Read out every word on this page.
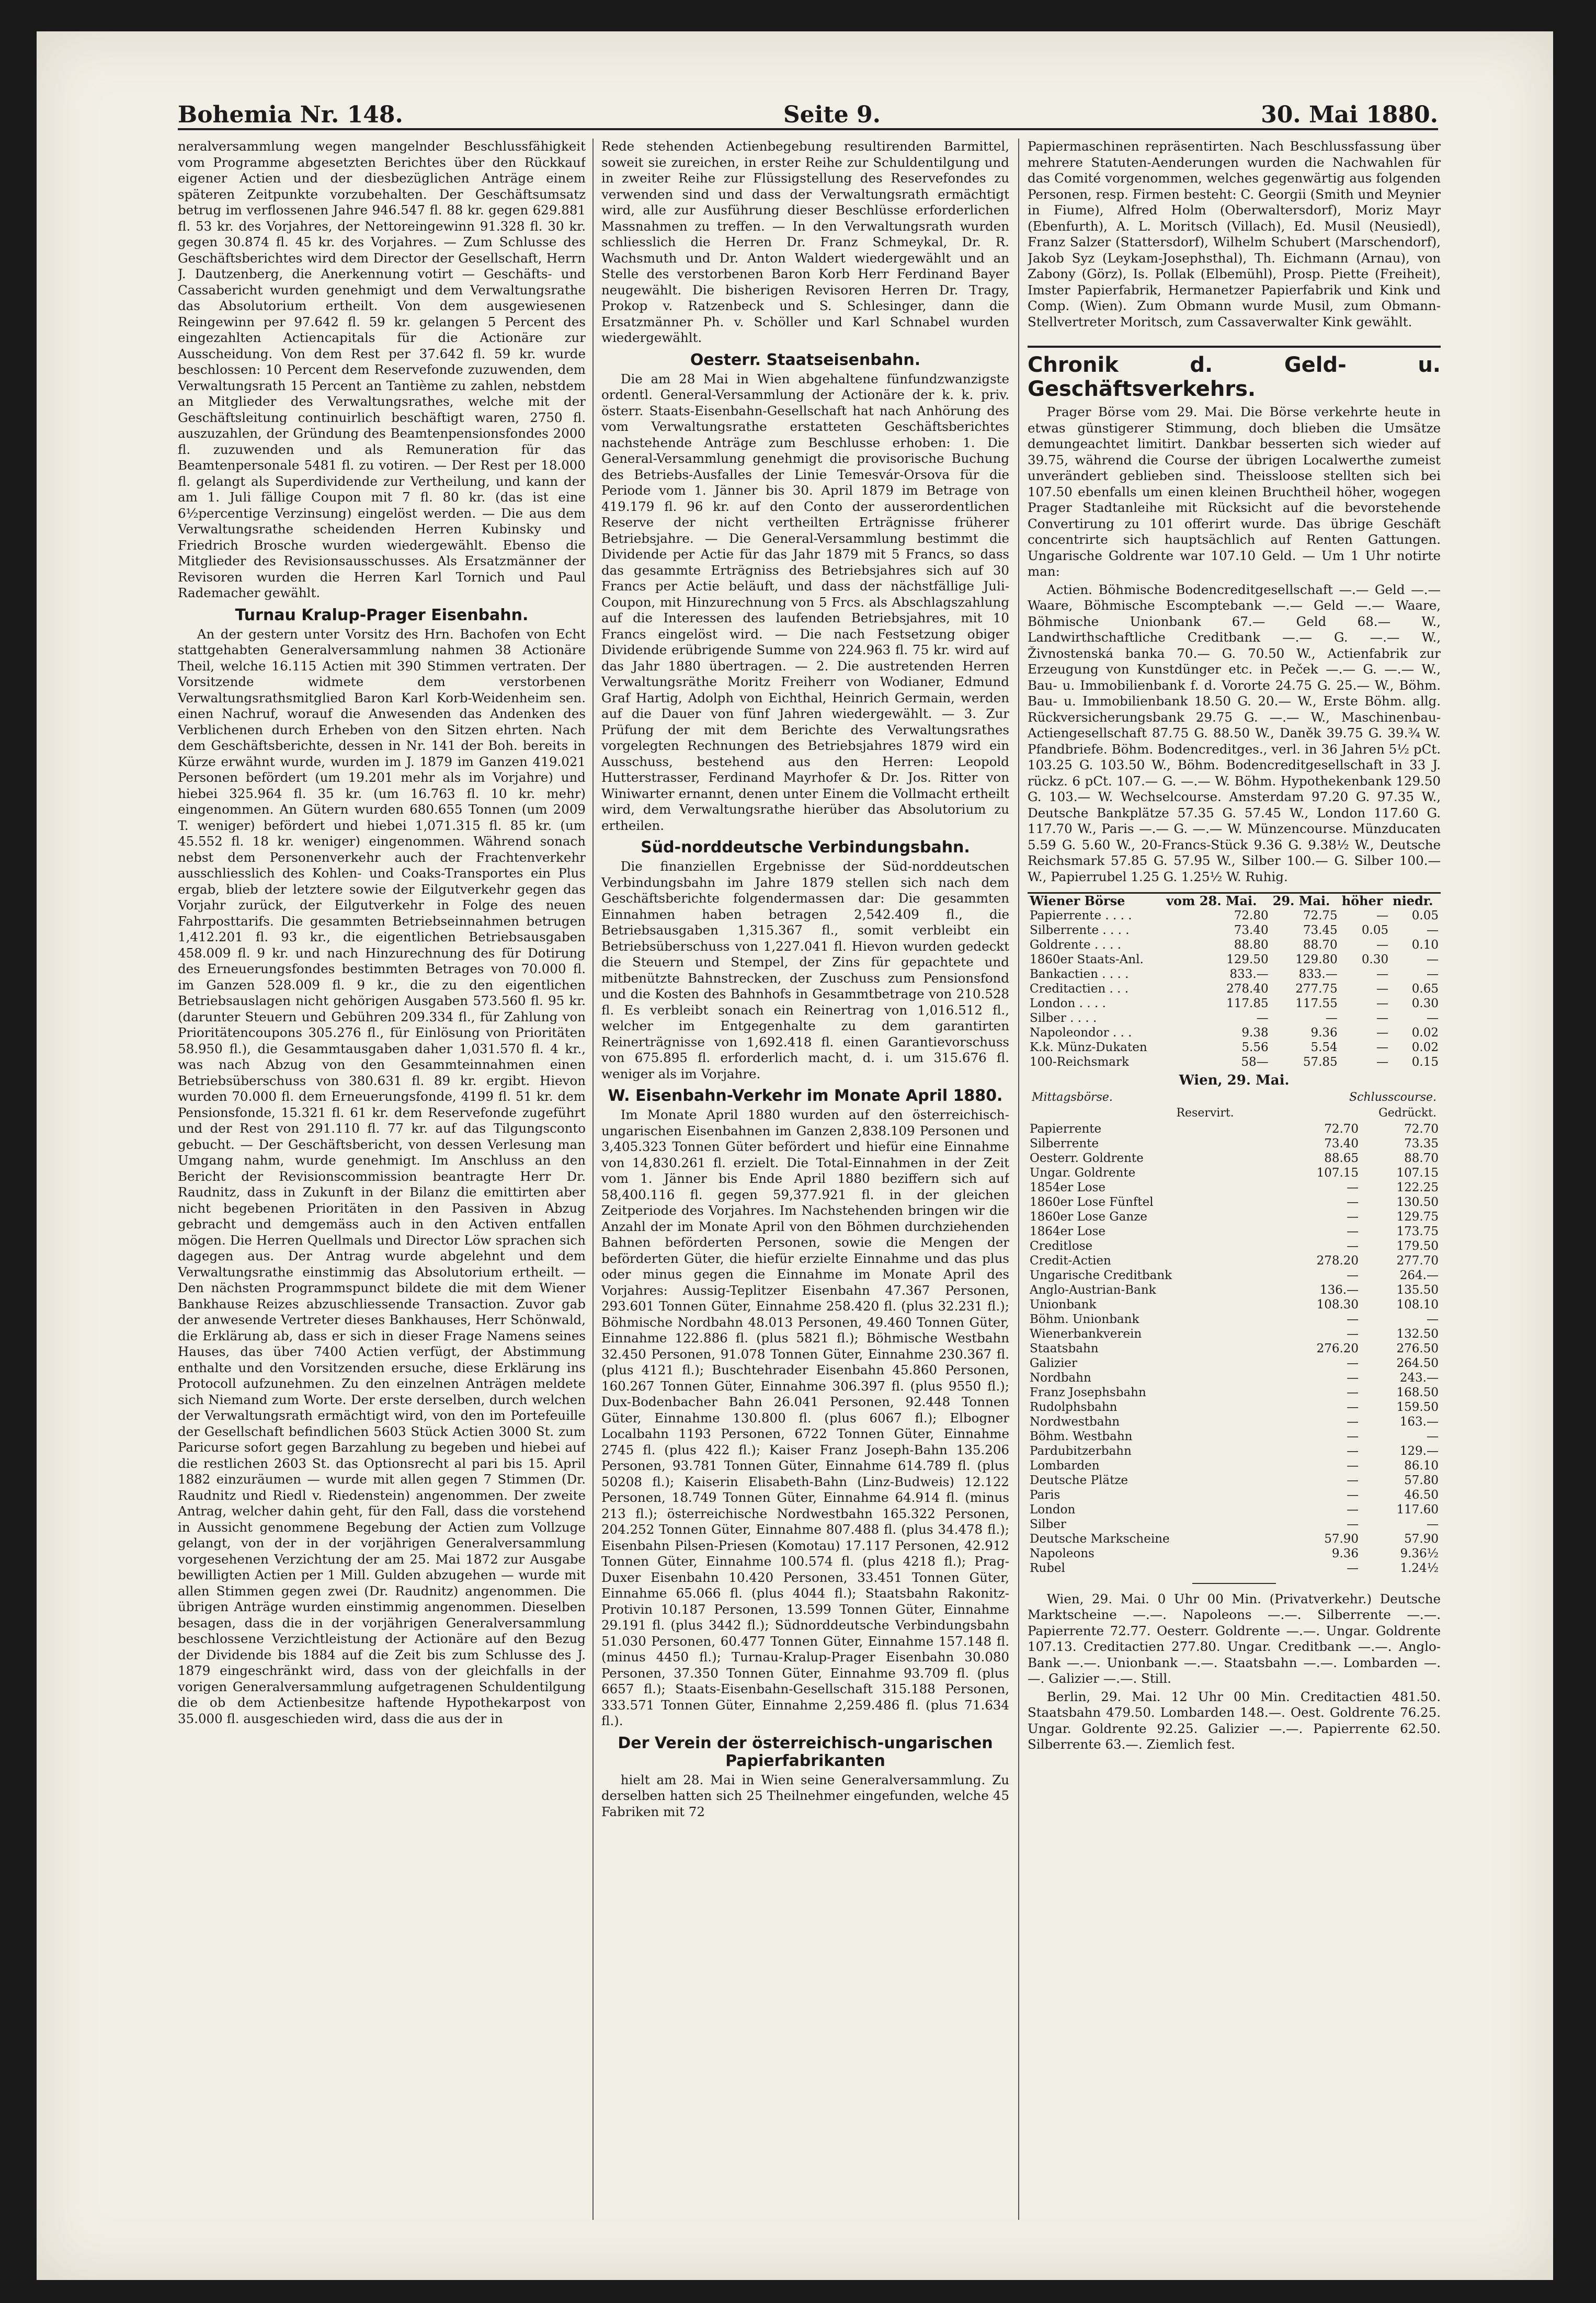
Bohemia Nr. 148.	Seite 9.	30. Mai 1880.

neralversammlung wegen mangelnder Beschlussfähigkeit vom Programme abgesetzten Berichtes über den Rückkauf eigener Actien und der diesbezüglichen Anträge einem späteren Zeitpunkte vorzubehalten. Der Geschäftsumsatz betrug im verflossenen Jahre 946.547 fl. 88 kr. gegen 629.881 fl. 53 kr. des Vorjahres, der Nettoreingewinn 91.328 fl. 30 kr. gegen 30.874 fl. 45 kr. des Vorjahres. — Zum Schlusse des Geschäftsberichtes wird dem Director der Gesellschaft, Herrn J. Dautzenberg, die Anerkennung votirt — Geschäfts- und Cassabericht wurden genehmigt und dem Verwaltungsrathe das Absolutorium ertheilt. Von dem ausgewiesenen Reingewinn per 97.642 fl. 59 kr. gelangen 5 Percent des eingezahlten Actiencapitals für die Actionäre zur Ausscheidung. Von dem Rest per 37.642 fl. 59 kr. wurde beschlossen: 10 Percent dem Reservefonde zuzuwenden, dem Verwaltungsrath 15 Percent an Tantième zu zahlen, nebstdem an Mitglieder des Verwaltungsrathes, welche mit der Geschäftsleitung continuirlich beschäftigt waren, 2750 fl. auszuzahlen, der Gründung des Beamtenpensionsfondes 2000 fl. zuzuwenden und als Remuneration für das Beamtenpersonale 5481 fl. zu votiren. — Der Rest per 18.000 fl. gelangt als Superdividende zur Vertheilung, und kann der am 1. Juli fällige Coupon mit 7 fl. 80 kr. (das ist eine 6½percentige Verzinsung) eingelöst werden. — Die aus dem Verwaltungsrathe scheidenden Herren Kubinsky und Friedrich Brosche wurden wiedergewählt. Ebenso die Mitglieder des Revisionsausschusses. Als Ersatzmänner der Revisoren wurden die Herren Karl Tornich und Paul Rademacher gewählt.

Turnau Kralup-Prager Eisenbahn.

An der gestern unter Vorsitz des Hrn. Bachofen von Echt stattgehabten Generalversammlung nahmen 38 Actionäre Theil, welche 16.115 Actien mit 390 Stimmen vertraten. Der Vorsitzende widmete dem verstorbenen Verwaltungsrathsmitglied Baron Karl Korb-Weidenheim sen. einen Nachruf, worauf die Anwesenden das Andenken des Verblichenen durch Erheben von den Sitzen ehrten. Nach dem Geschäftsberichte, dessen in Nr. 141 der Boh. bereits in Kürze erwähnt wurde, wurden im J. 1879 im Ganzen 419.021 Personen befördert (um 19.201 mehr als im Vorjahre) und hiebei 325.964 fl. 35 kr. (um 16.763 fl. 10 kr. mehr) eingenommen. An Gütern wurden 680.655 Tonnen (um 2009 T. weniger) befördert und hiebei 1,071.315 fl. 85 kr. (um 45.552 fl. 18 kr. weniger) eingenommen. Während sonach nebst dem Personenverkehr auch der Frachtenverkehr ausschliesslich des Kohlen- und Coaks-Transportes ein Plus ergab, blieb der letztere sowie der Eilgutverkehr gegen das Vorjahr zurück, der Eilgutverkehr in Folge des neuen Fahrposttarifs. Die gesammten Betriebseinnahmen betrugen 1,412.201 fl. 93 kr., die eigentlichen Betriebsausgaben 458.009 fl. 9 kr. und nach Hinzurechnung des für Dotirung des Erneuerungsfondes bestimmten Betrages von 70.000 fl. im Ganzen 528.009 fl. 9 kr., die zu den eigentlichen Betriebsauslagen nicht gehörigen Ausgaben 573.560 fl. 95 kr. (darunter Steuern und Gebühren 209.334 fl., für Zahlung von Prioritätencoupons 305.276 fl., für Einlösung von Prioritäten 58.950 fl.), die Gesammtausgaben daher 1,031.570 fl. 4 kr., was nach Abzug von den Gesammteinnahmen einen Betriebsüberschuss von 380.631 fl. 89 kr. ergibt. Hievon wurden 70.000 fl. dem Erneuerungsfonde, 4199 fl. 51 kr. dem Pensionsfonde, 15.321 fl. 61 kr. dem Reservefonde zugeführt und der Rest von 291.110 fl. 77 kr. auf das Tilgungsconto gebucht. — Der Geschäftsbericht, von dessen Verlesung man Umgang nahm, wurde genehmigt. Im Anschluss an den Bericht der Revisionscommission beantragte Herr Dr. Raudnitz, dass in Zukunft in der Bilanz die emittirten aber nicht begebenen Prioritäten in den Passiven in Abzug gebracht und demgemäss auch in den Activen entfallen mögen. Die Herren Quellmals und Director Löw sprachen sich dagegen aus. Der Antrag wurde abgelehnt und dem Verwaltungsrathe einstimmig das Absolutorium ertheilt. — Den nächsten Programmspunct bildete die mit dem Wiener Bankhause Reizes abzuschliessende Transaction. Zuvor gab der anwesende Vertreter dieses Bankhauses, Herr Schönwald, die Erklärung ab, dass er sich in dieser Frage Namens seines Hauses, das über 7400 Actien verfügt, der Abstimmung enthalte und den Vorsitzenden ersuche, diese Erklärung ins Protocoll aufzunehmen. Zu den einzelnen Anträgen meldete sich Niemand zum Worte. Der erste derselben, durch welchen der Verwaltungsrath ermächtigt wird, von den im Portefeuille der Gesellschaft befindlichen 5603 Stück Actien 3000 St. zum Paricurse sofort gegen Barzahlung zu begeben und hiebei auf die restlichen 2603 St. das Optionsrecht al pari bis 15. April 1882 einzuräumen — wurde mit allen gegen 7 Stimmen (Dr. Raudnitz und Riedl v. Riedenstein) angenommen. Der zweite Antrag, welcher dahin geht, für den Fall, dass die vorstehend in Aussicht genommene Begebung der Actien zum Vollzuge gelangt, von der in der vorjährigen Generalversammlung vorgesehenen Verzichtung der am 25. Mai 1872 zur Ausgabe bewilligten Actien per 1 Mill. Gulden abzugehen — wurde mit allen Stimmen gegen zwei (Dr. Raudnitz) angenommen. Die übrigen Anträge wurden einstimmig angenommen. Dieselben besagen, dass die in der vorjährigen Generalversammlung beschlossene Verzichtleistung der Actionäre auf den Bezug der Dividende bis 1884 auf die Zeit bis zum Schlusse des J. 1879 eingeschränkt wird, dass von der gleichfalls in der vorigen Generalversammlung aufgetragenen Schuldentilgung die ob dem Actienbesitze haftende Hypothekarpost von 35.000 fl. ausgeschieden wird, dass die aus der in

Rede stehenden Actienbegebung resultirenden Barmittel, soweit sie zureichen, in erster Reihe zur Schuldentilgung und in zweiter Reihe zur Flüssigstellung des Reservefondes zu verwenden sind und dass der Verwaltungsrath ermächtigt wird, alle zur Ausführung dieser Beschlüsse erforderlichen Massnahmen zu treffen. — In den Verwaltungsrath wurden schliesslich die Herren Dr. Franz Schmeykal, Dr. R. Wachsmuth und Dr. Anton Waldert wiedergewählt und an Stelle des verstorbenen Baron Korb Herr Ferdinand Bayer neugewählt. Die bisherigen Revisoren Herren Dr. Tragy, Prokop v. Ratzenbeck und S. Schlesinger, dann die Ersatzmänner Ph. v. Schöller und Karl Schnabel wurden wiedergewählt.

Oesterr. Staatseisenbahn.

Die am 28 Mai in Wien abgehaltene fünfundzwanzigste ordentl. General-Versammlung der Actionäre der k. k. priv. österr. Staats-Eisenbahn-Gesellschaft hat nach Anhörung des vom Verwaltungsrathe erstatteten Geschäftsberichtes nachstehende Anträge zum Beschlusse erhoben: 1. Die General-Versammlung genehmigt die provisorische Buchung des Betriebs-Ausfalles der Linie Temesvár-Orsova für die Periode vom 1. Jänner bis 30. April 1879 im Betrage von 419.179 fl. 96 kr. auf den Conto der ausserordentlichen Reserve der nicht vertheilten Erträgnisse früherer Betriebsjahre. — Die General-Versammlung bestimmt die Dividende per Actie für das Jahr 1879 mit 5 Francs, so dass das gesammte Erträgniss des Betriebsjahres sich auf 30 Francs per Actie beläuft, und dass der nächstfällige Juli-Coupon, mit Hinzurechnung von 5 Frcs. als Abschlagszahlung auf die Interessen des laufenden Betriebsjahres, mit 10 Francs eingelöst wird. — Die nach Festsetzung obiger Dividende erübrigende Summe von 224.963 fl. 75 kr. wird auf das Jahr 1880 übertragen. — 2. Die austretenden Herren Verwaltungsräthe Moritz Freiherr von Wodianer, Edmund Graf Hartig, Adolph von Eichthal, Heinrich Germain, werden auf die Dauer von fünf Jahren wiedergewählt. — 3. Zur Prüfung der mit dem Berichte des Verwaltungsrathes vorgelegten Rechnungen des Betriebsjahres 1879 wird ein Ausschuss, bestehend aus den Herren: Leopold Hutterstrasser, Ferdinand Mayrhofer & Dr. Jos. Ritter von Winiwarter ernannt, denen unter Einem die Vollmacht ertheilt wird, dem Verwaltungsrathe hierüber das Absolutorium zu ertheilen.

Süd-norddeutsche Verbindungsbahn.

Die finanziellen Ergebnisse der Süd-norddeutschen Verbindungsbahn im Jahre 1879 stellen sich nach dem Geschäftsberichte folgendermassen dar: Die gesammten Einnahmen haben betragen 2,542.409 fl., die Betriebsausgaben 1,315.367 fl., somit verbleibt ein Betriebsüberschuss von 1,227.041 fl. Hievon wurden gedeckt die Steuern und Stempel, der Zins für gepachtete und mitbenützte Bahnstrecken, der Zuschuss zum Pensionsfond und die Kosten des Bahnhofs in Gesammtbetrage von 210.528 fl. Es verbleibt sonach ein Reinertrag von 1,016.512 fl., welcher im Entgegenhalte zu dem garantirten Reinerträgnisse von 1,692.418 fl. einen Garantievorschuss von 675.895 fl. erforderlich macht, d. i. um 315.676 fl. weniger als im Vorjahre.

W. Eisenbahn-Verkehr im Monate April 1880.

Im Monate April 1880 wurden auf den österreichisch-ungarischen Eisenbahnen im Ganzen 2,838.109 Personen und 3,405.323 Tonnen Güter befördert und hiefür eine Einnahme von 14,830.261 fl. erzielt. Die Total-Einnahmen in der Zeit vom 1. Jänner bis Ende April 1880 beziffern sich auf 58,400.116 fl. gegen 59,377.921 fl. in der gleichen Zeitperiode des Vorjahres. Im Nachstehenden bringen wir die Anzahl der im Monate April von den Böhmen durchziehenden Bahnen beförderten Personen, sowie die Mengen der beförderten Güter, die hiefür erzielte Einnahme und das plus oder minus gegen die Einnahme im Monate April des Vorjahres: Aussig-Teplitzer Eisenbahn 47.367 Personen, 293.601 Tonnen Güter, Einnahme 258.420 fl. (plus 32.231 fl.); Böhmische Nordbahn 48.013 Personen, 49.460 Tonnen Güter, Einnahme 122.886 fl. (plus 5821 fl.); Böhmische Westbahn 32.450 Personen, 91.078 Tonnen Güter, Einnahme 230.367 fl. (plus 4121 fl.); Buschtehrader Eisenbahn 45.860 Personen, 160.267 Tonnen Güter, Einnahme 306.397 fl. (plus 9550 fl.); Dux-Bodenbacher Bahn 26.041 Personen, 92.448 Tonnen Güter, Einnahme 130.800 fl. (plus 6067 fl.); Elbogner Localbahn 1193 Personen, 6722 Tonnen Güter, Einnahme 2745 fl. (plus 422 fl.); Kaiser Franz Joseph-Bahn 135.206 Personen, 93.781 Tonnen Güter, Einnahme 614.789 fl. (plus 50208 fl.); Kaiserin Elisabeth-Bahn (Linz-Budweis) 12.122 Personen, 18.749 Tonnen Güter, Einnahme 64.914 fl. (minus 213 fl.); österreichische Nordwestbahn 165.322 Personen, 204.252 Tonnen Güter, Einnahme 807.488 fl. (plus 34.478 fl.); Eisenbahn Pilsen-Priesen (Komotau) 17.117 Personen, 42.912 Tonnen Güter, Einnahme 100.574 fl. (plus 4218 fl.); Prag-Duxer Eisenbahn 10.420 Personen, 33.451 Tonnen Güter, Einnahme 65.066 fl. (plus 4044 fl.); Staatsbahn Rakonitz-Protivin 10.187 Personen, 13.599 Tonnen Güter, Einnahme 29.191 fl. (plus 3442 fl.); Südnorddeutsche Verbindungsbahn 51.030 Personen, 60.477 Tonnen Güter, Einnahme 157.148 fl. (minus 4450 fl.); Turnau-Kralup-Prager Eisenbahn 30.080 Personen, 37.350 Tonnen Güter, Einnahme 93.709 fl. (plus 6657 fl.); Staats-Eisenbahn-Gesellschaft 315.188 Personen, 333.571 Tonnen Güter, Einnahme 2,259.486 fl. (plus 71.634 fl.).

Der Verein der österreichisch-ungarischen Papierfabrikanten

hielt am 28. Mai in Wien seine Generalversammlung. Zu derselben hatten sich 25 Theilnehmer eingefunden, welche 45 Fabriken mit 72

Papiermaschinen repräsentirten. Nach Beschlussfassung über mehrere Statuten-Aenderungen wurden die Nachwahlen für das Comité vorgenommen, welches gegenwärtig aus folgenden Personen, resp. Firmen besteht: C. Georgii (Smith und Meynier in Fiume), Alfred Holm (Oberwaltersdorf), Moriz Mayr (Ebenfurth), A. L. Moritsch (Villach), Ed. Musil (Neusiedl), Franz Salzer (Stattersdorf), Wilhelm Schubert (Marschendorf), Jakob Syz (Leykam-Josephsthal), Th. Eichmann (Arnau), von Zabony (Görz), Is. Pollak (Elbemühl), Prosp. Piette (Freiheit), Imster Papierfabrik, Hermanetzer Papierfabrik und Kink und Comp. (Wien). Zum Obmann wurde Musil, zum Obmann-Stellvertreter Moritsch, zum Cassaverwalter Kink gewählt.

Chronik d. Geld- u. Geschäftsverkehrs.

Prager Börse vom 29. Mai. Die Börse verkehrte heute in etwas günstigerer Stimmung, doch blieben die Umsätze demungeachtet limitirt. Dankbar besserten sich wieder auf 39.75, während die Course der übrigen Localwerthe zumeist unverändert geblieben sind. Theissloose stellten sich bei 107.50 ebenfalls um einen kleinen Bruchtheil höher, wogegen Prager Stadtanleihe mit Rücksicht auf die bevorstehende Convertirung zu 101 offerirt wurde. Das übrige Geschäft concentrirte sich hauptsächlich auf Renten Gattungen. Ungarische Goldrente war 107.10 Geld. — Um 1 Uhr notirte man:

Actien. Böhmische Bodencreditgesellschaft —.— Geld —.— Waare, Böhmische Escomptebank —.— Geld —.— Waare, Böhmische Unionbank 67.— Geld 68.— W., Landwirthschaftliche Creditbank —.— G. —.— W., Živnostenská banka 70.— G. 70.50 W., Actienfabrik zur Erzeugung von Kunstdünger etc. in Peček —.— G. —.— W., Bau- u. Immobilienbank f. d. Vororte 24.75 G. 25.— W., Böhm. Bau- u. Immobilienbank 18.50 G. 20.— W., Erste Böhm. allg. Rückversicherungsbank 29.75 G. —.— W., Maschinenbau-Actiengesellschaft 87.75 G. 88.50 W., Daněk 39.75 G. 39.¾ W. Pfandbriefe. Böhm. Bodencreditges., verl. in 36 Jahren 5½ pCt. 103.25 G. 103.50 W., Böhm. Bodencreditgesellschaft in 33 J. rückz. 6 pCt. 107.— G. —.— W. Böhm. Hypothekenbank 129.50 G. 103.— W. Wechselcourse. Amsterdam 97.20 G. 97.35 W., Deutsche Bankplätze 57.35 G. 57.45 W., London 117.60 G. 117.70 W., Paris —.— G. —.— W. Münzencourse. Münzducaten 5.59 G. 5.60 W., 20-Francs-Stück 9.36 G. 9.38½ W., Deutsche Reichsmark 57.85 G. 57.95 W., Silber 100.— G. Silber 100.— W., Papierrubel 1.25 G. 1.25½ W. Ruhig.

Wiener Börse	vom 28. Mai.	29. Mai.	höher	niedr.
Papierrente . . . .	72.80	72.75	—	0.05
Silberrente . . . .	73.40	73.45	0.05	—
Goldrente . . . .	88.80	88.70	—	0.10
1860er Staats-Anl.	129.50	129.80	0.30	—
Bankactien . . . .	833.—	833.—	—	—
Creditactien . . .	278.40	277.75	—	0.65
London . . . .	117.85	117.55	—	0.30
Silber . . . .	—	—	—	—
Napoleondor . . .	9.38	9.36	—	0.02
K.k. Münz-Dukaten	5.56	5.54	—	0.02
100-Reichsmark	58—	57.85	—	0.15
Wien, 29. Mai.
Mittagsbörse.	Schlusscourse.
Reservirt.	Gedrückt.
Papierrente	72.70	72.70
Silberrente	73.40	73.35
Oesterr. Goldrente	88.65	88.70
Ungar. Goldrente	107.15	107.15
1854er Lose	—	122.25
1860er Lose Fünftel	—	130.50
1860er Lose Ganze	—	129.75
1864er Lose	—	173.75
Creditlose	—	179.50
Credit-Actien	278.20	277.70
Ungarische Creditbank	—	264.—
Anglo-Austrian-Bank	136.—	135.50
Unionbank	108.30	108.10
Böhm. Unionbank	—	—
Wienerbankverein	—	132.50
Staatsbahn	276.20	276.50
Galizier	—	264.50
Nordbahn	—	243.—
Franz Josephsbahn	—	168.50
Rudolphsbahn	—	159.50
Nordwestbahn	—	163.—
Böhm. Westbahn	—	—
Pardubitzerbahn	—	129.—
Lombarden	—	86.10
Deutsche Plätze	—	57.80
Paris	—	46.50
London	—	117.60
Silber	—	—
Deutsche Markscheine	57.90	57.90
Napoleons	9.36	9.36½
Rubel	—	1.24½

Wien, 29. Mai. 0 Uhr 00 Min. (Privatverkehr.) Deutsche Marktscheine —.—. Napoleons —.—. Silberrente —.—. Papierrente 72.77. Oesterr. Goldrente —.—. Ungar. Goldrente 107.13. Creditactien 277.80. Ungar. Creditbank —.—. Anglo-Bank —.—. Unionbank —.—. Staatsbahn —.—. Lombarden —.—. Galizier —.—. Still.

Berlin, 29. Mai. 12 Uhr 00 Min. Creditactien 481.50. Staatsbahn 479.50. Lombarden 148.—. Oest. Goldrente 76.25. Ungar. Goldrente 92.25. Galizier —.—. Papierrente 62.50. Silberrente 63.—. Ziemlich fest.
